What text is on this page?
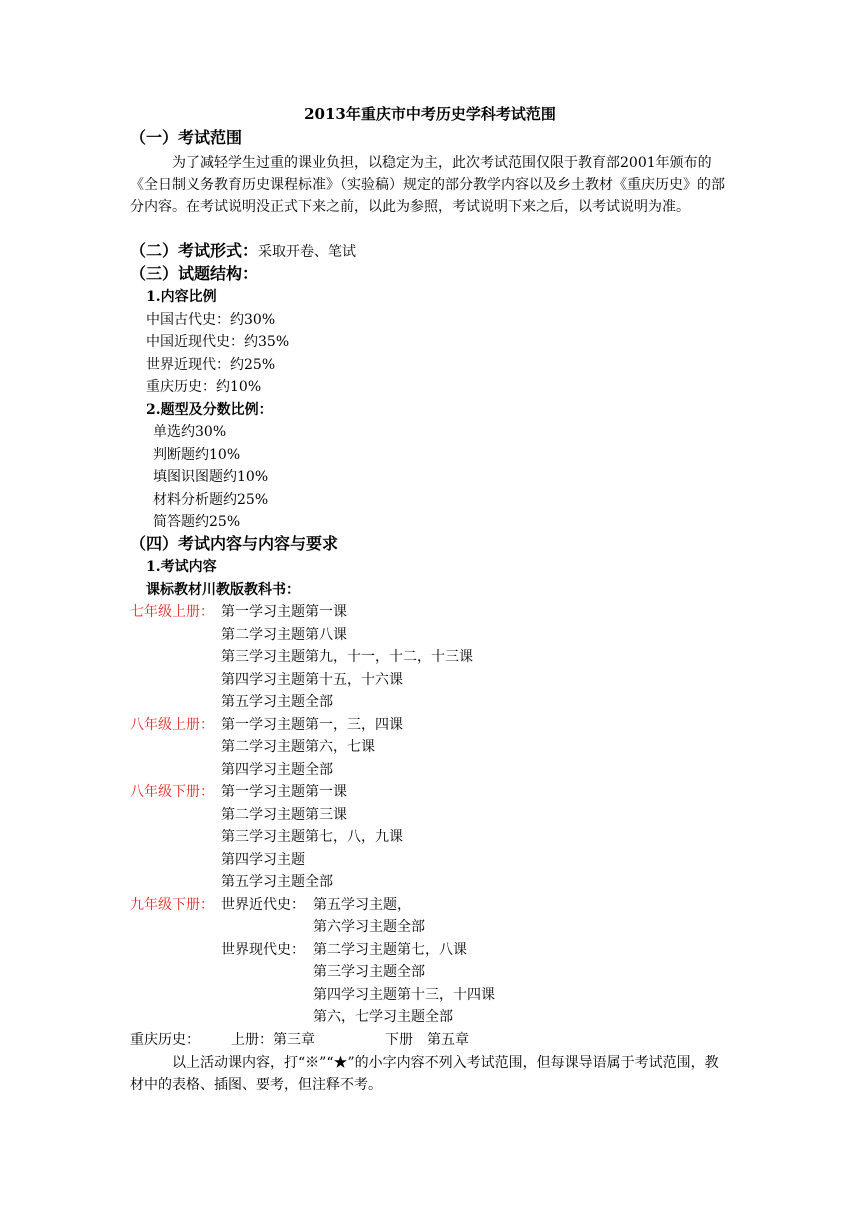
2013年重庆市中考历史学科考试范围
（一）考试范围
为了减轻学生过重的课业负担，以稳定为主，此次考试范围仅限于教育部2001年颁布的《全日制义务教育历史课程标准》（实验稿）规定的部分教学内容以及乡土教材《重庆历史》的部分内容。在考试说明没正式下来之前，以此为参照，考试说明下来之后，以考试说明为准。
（二）考试形式：采取开卷、笔试
（三）试题结构：
1.内容比例
中国古代史：约30%
中国近现代史：约35%
世界近现代：约25%
重庆历史：约10%
2.题型及分数比例：
单选约30%
判断题约10%
填图识图题约10%
材料分析题约25%
简答题约25%
（四）考试内容与内容与要求
1.考试内容
课标教材川教版教科书：
七年级上册： 第一学习主题第一课
第二学习主题第八课
第三学习主题第九，十一，十二，十三课
第四学习主题第十五，十六课
第五学习主题全部
八年级上册： 第一学习主题第一，三，四课
第二学习主题第六，七课
第四学习主题全部
八年级下册： 第一学习主题第一课
第二学习主题第三课
第三学习主题第七，八，九课
第四学习主题
第五学习主题全部
九年级下册： 世界近代史： 第五学习主题，
第六学习主题全部
世界现代史： 第二学习主题第七，八课
第三学习主题全部
第四学习主题第十三，十四课
第六，七学习主题全部
重庆历史： 上册：第三章	下册　第五章
以上活动课内容，打“※”“★”的小字内容不列入考试范围，但每课导语属于考试范围，教材中的表格、插图、要考，但注释不考。
